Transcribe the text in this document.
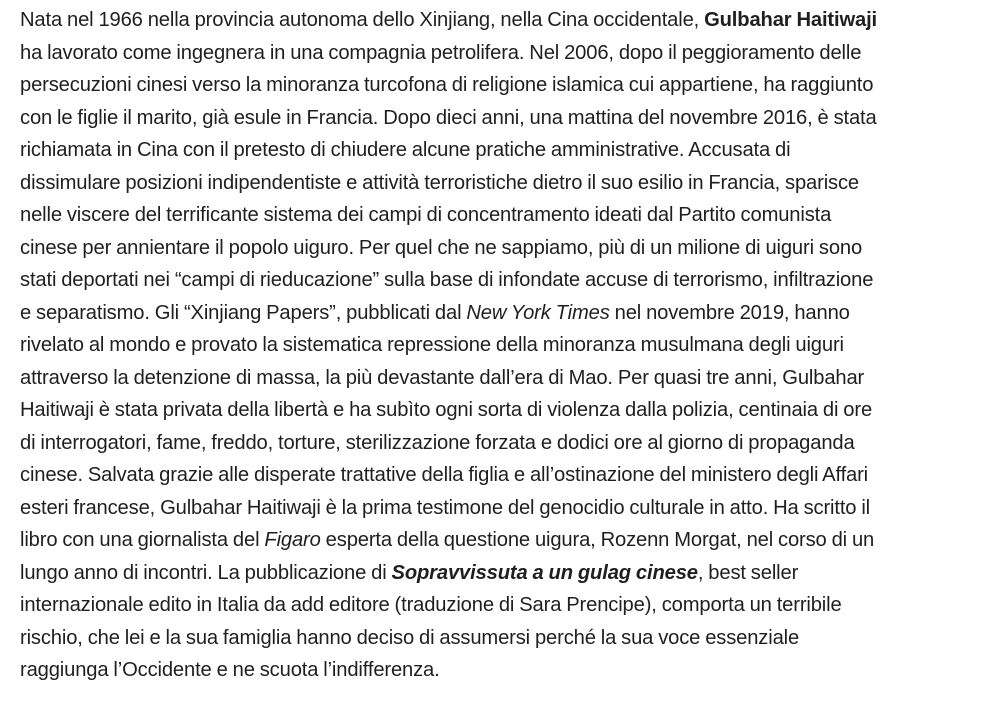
Nata nel 1966 nella provincia autonoma dello Xinjiang, nella Cina occidentale, Gulbahar Haitiwaji
ha lavorato come ingegnera in una compagnia petrolifera. Nel 2006, dopo il peggioramento delle
persecuzioni cinesi verso la minoranza turcofona di religione islamica cui appartiene, ha raggiunto
con le figlie il marito, già esule in Francia. Dopo dieci anni, una mattina del novembre 2016, è stata
richiamata in Cina con il pretesto di chiudere alcune pratiche amministrative. Accusata di
dissimulare posizioni indipendentiste e attività terroristiche dietro il suo esilio in Francia, sparisce
nelle viscere del terrificante sistema dei campi di concentramento ideati dal Partito comunista
cinese per annientare il popolo uiguro. Per quel che ne sappiamo, più di un milione di uiguri sono
stati deportati nei “campi di rieducazione” sulla base di infondate accuse di terrorismo, infiltrazione
e separatismo. Gli “Xinjiang Papers”, pubblicati dal New York Times nel novembre 2019, hanno
rivelato al mondo e provato la sistematica repressione della minoranza musulmana degli uiguri
attraverso la detenzione di massa, la più devastante dall’era di Mao. Per quasi tre anni, Gulbahar
Haitiwaji è stata privata della libertà e ha subìto ogni sorta di violenza dalla polizia, centinaia di ore
di interrogatori, fame, freddo, torture, sterilizzazione forzata e dodici ore al giorno di propaganda
cinese. Salvata grazie alle disperate trattative della figlia e all’ostinazione del ministero degli Affari
esteri francese, Gulbahar Haitiwaji è la prima testimone del genocidio culturale in atto. Ha scritto il
libro con una giornalista del Figaro esperta della questione uigura, Rozenn Morgat, nel corso di un
lungo anno di incontri. La pubblicazione di Sopravvissuta a un gulag cinese, best seller
internazionale edito in Italia da add editore (traduzione di Sara Prencipe), comporta un terribile
rischio, che lei e la sua famiglia hanno deciso di assumersi perché la sua voce essenziale
raggiunga l’Occidente e ne scuota l’indifferenza.
